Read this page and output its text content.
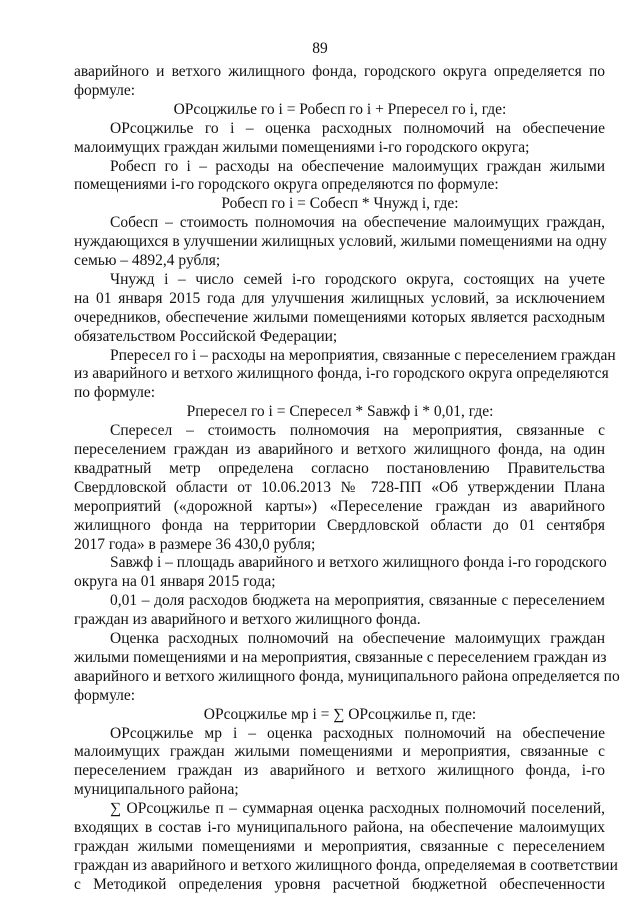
89
аварийного и ветхого жилищного фонда, городского округа определяется по
формуле:
ОРсоцжилье го i = Робесп го i + Рпересел го i, где:
ОРсоцжилье го i – оценка расходных полномочий на обеспечение
малоимущих граждан жилыми помещениями i-го городского округа;
Робесп го i – расходы на обеспечение малоимущих граждан жилыми
помещениями i-го городского округа определяются по формуле:
Робесп го i = Собесп * Чнужд i, где:
Собесп – стоимость полномочия на обеспечение малоимущих граждан,
нуждающихся в улучшении жилищных условий, жилыми помещениями на одну
семью – 4892,4 рубля;
Чнужд i – число семей i-го городского округа, состоящих на учете
на 01 января 2015 года для улучшения жилищных условий, за исключением
очередников, обеспечение жилыми помещениями которых является расходным
обязательством Российской Федерации;
Рпересел го i – расходы на мероприятия, связанные с переселением граждан
из аварийного и ветхого жилищного фонда, i-го городского округа определяются
по формуле:
Рпересел го i = Спересел * Sавжф i * 0,01, где:
Спересел – стоимость полномочия на мероприятия, связанные с
переселением граждан из аварийного и ветхого жилищного фонда, на один
квадратный метр определена согласно постановлению Правительства
Свердловской области от 10.06.2013 № 728-ПП «Об утверждении Плана
мероприятий («дорожной карты») «Переселение граждан из аварийного
жилищного фонда на территории Свердловской области до 01 сентября
2017 года» в размере 36 430,0 рубля;
Sавжф i – площадь аварийного и ветхого жилищного фонда i-го городского
округа на 01 января 2015 года;
0,01 – доля расходов бюджета на мероприятия, связанные с переселением
граждан из аварийного и ветхого жилищного фонда.
Оценка расходных полномочий на обеспечение малоимущих граждан
жилыми помещениями и на мероприятия, связанные с переселением граждан из
аварийного и ветхого жилищного фонда, муниципального района определяется по
формуле:
ОРсоцжилье мр i = ∑ ОРсоцжилье п, где:
ОРсоцжилье мр i – оценка расходных полномочий на обеспечение
малоимущих граждан жилыми помещениями и мероприятия, связанные с
переселением граждан из аварийного и ветхого жилищного фонда, i-го
муниципального района;
∑ ОРсоцжилье п – суммарная оценка расходных полномочий поселений,
входящих в состав i-го муниципального района, на обеспечение малоимущих
граждан жилыми помещениями и мероприятия, связанные с переселением
граждан из аварийного и ветхого жилищного фонда, определяемая в соответствии
с Методикой определения уровня расчетной бюджетной обеспеченности
